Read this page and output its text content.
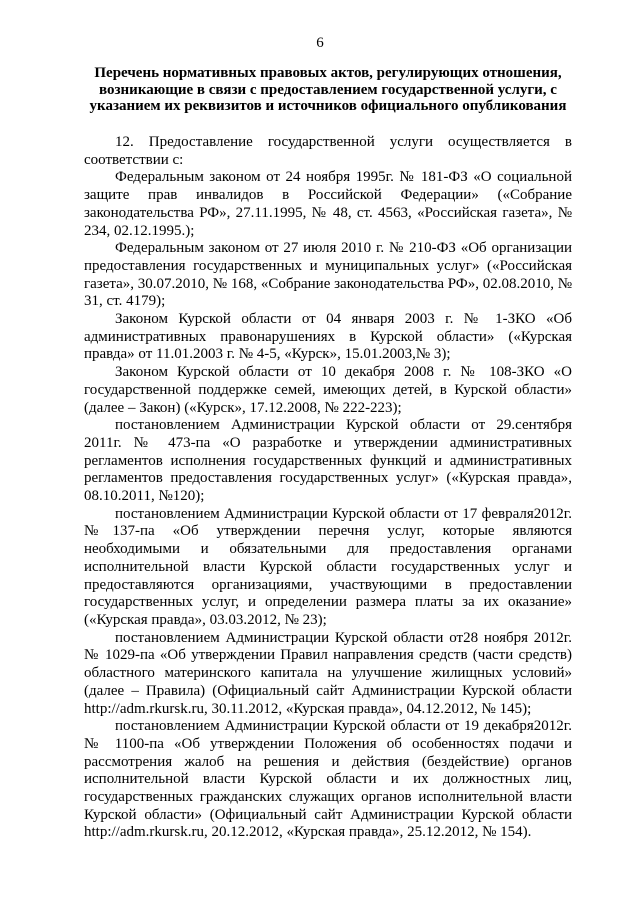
6
Перечень нормативных правовых актов, регулирующих отношения, возникающие в связи с предоставлением государственной услуги, с указанием их реквизитов и источников официального опубликования

12. Предоставление государственной услуги осуществляется в соответствии с:

Федеральным законом от 24 ноября 1995г. № 181-ФЗ «О социальной защите прав инвалидов в Российской Федерации» («Собрание законодательства РФ», 27.11.1995, № 48, ст. 4563, «Российская газета», № 234, 02.12.1995.);

Федеральным законом от 27 июля 2010 г. № 210-ФЗ «Об организации предоставления государственных и муниципальных услуг» («Российская газета», 30.07.2010, № 168, «Собрание законодательства РФ», 02.08.2010, № 31, ст. 4179);

Законом Курской области от 04 января 2003 г. № 1-ЗКО «Об административных правонарушениях в Курской области» («Курская правда» от 11.01.2003 г. № 4-5, «Курск», 15.01.2003,№ 3);

Законом Курской области от 10 декабря 2008 г. № 108-ЗКО «О государственной поддержке семей, имеющих детей, в Курской области» (далее – Закон) («Курск», 17.12.2008, № 222-223);

постановлением Администрации Курской области от 29.сентября 2011г. № 473-па «О разработке и утверждении административных регламентов исполнения государственных функций и административных регламентов предоставления государственных услуг» («Курская правда», 08.10.2011, №120);

постановлением Администрации Курской области от 17 февраля2012г. №137-па «Об утверждении перечня услуг, которые являются необходимыми и обязательными для предоставления органами исполнительной власти Курской области государственных услуг и предоставляются организациями, участвующими в предоставлении государственных услуг, и определении размера платы за их оказание» («Курская правда», 03.03.2012, № 23);

постановлением Администрации Курской области от28 ноября 2012г.№ 1029-па «Об утверждении Правил направления средств (части средств) областного материнского капитала на улучшение жилищных условий» (далее – Правила) (Официальный сайт Администрации Курской области http://adm.rkursk.ru, 30.11.2012, «Курская правда», 04.12.2012, № 145);

постановлением Администрации Курской области от 19 декабря2012г. № 1100-па «Об утверждении Положения об особенностях подачи и рассмотрения жалоб на решения и действия (бездействие) органов исполнительной власти Курской области и их должностных лиц, государственных гражданских служащих органов исполнительной власти Курской области» (Официальный сайт Администрации Курской области http://adm.rkursk.ru, 20.12.2012, «Курская правда», 25.12.2012, № 154).
